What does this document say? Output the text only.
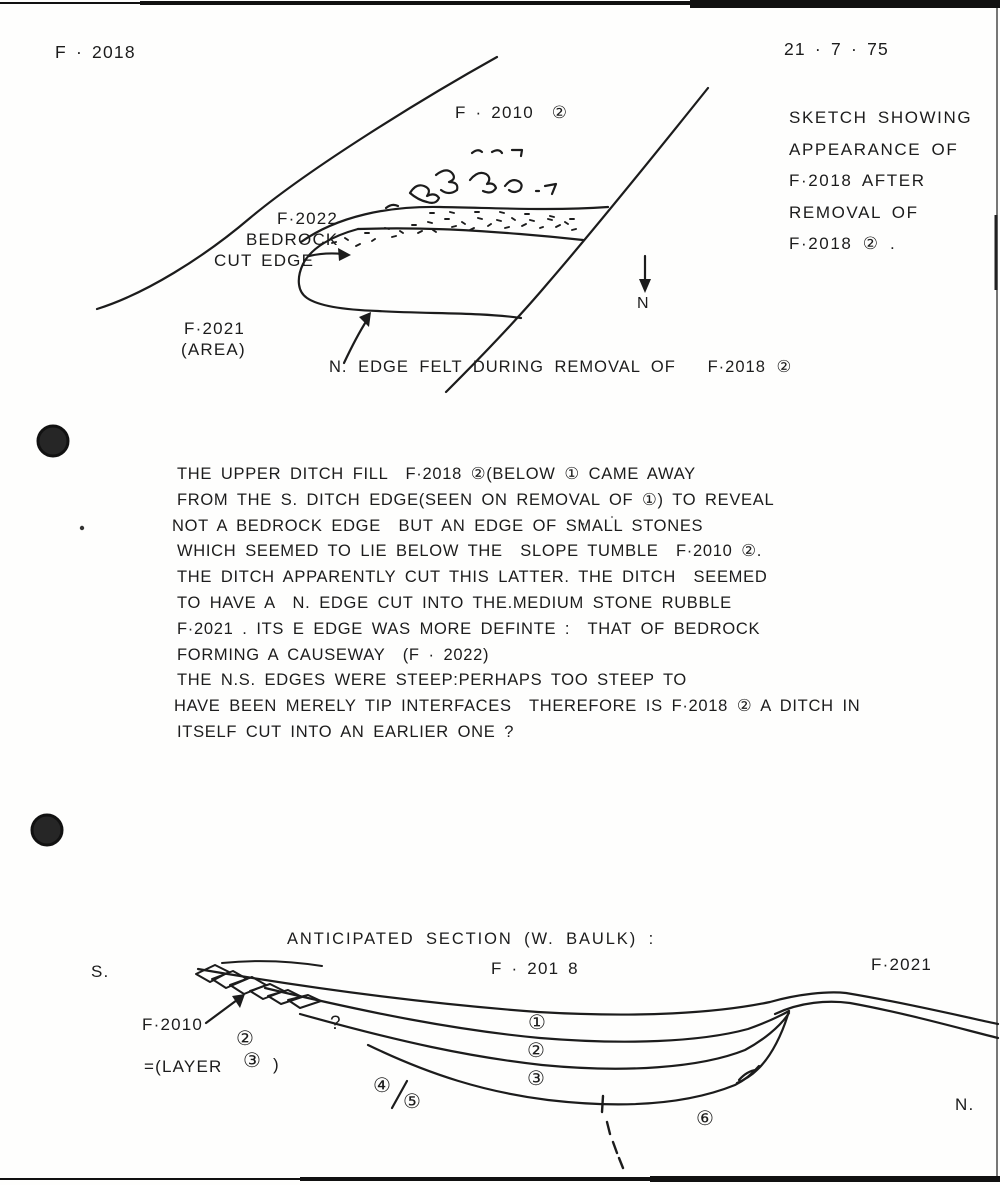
F · 2018	21 · 7 · 75
F · 2010  ②	SKETCH SHOWING
APPEARANCE OF
F·2018 AFTER
REMOVAL OF
F·2018 ② .
F·2022
BEDROCK
CUT EDGE
F·2021
(AREA)
N
N. EDGE FELT DURING REMOVAL OF   F·2018 ②
THE UPPER DITCH FILL  F·2018 ②(BELOW ① CAME AWAY
FROM THE S. DITCH EDGE(SEEN ON REMOVAL OF ①) TO REVEAL
NOT A BEDROCK EDGE  BUT AN EDGE OF SMALL STONES
WHICH SEEMED TO LIE BELOW THE  SLOPE TUMBLE  F·2010 ②.
THE DITCH APPARENTLY CUT THIS LATTER. THE DITCH  SEEMED
TO HAVE A  N. EDGE CUT INTO THE.MEDIUM STONE RUBBLE
F·2021 . ITS E EDGE WAS MORE DEFINTE :  THAT OF BEDROCK
FORMING A CAUSEWAY  (F · 2022)
THE N.S. EDGES WERE STEEP:PERHAPS TOO STEEP TO
HAVE BEEN MERELY TIP INTERFACES  THEREFORE IS F·2018 ② A DITCH IN
ITSELF CUT INTO AN EARLIER ONE ?
ANTICIPATED SECTION (W. BAULK) :
S.	F · 201 8	F·2021
F·2010
②
=(LAYER ③ )
?	①
②
③
④
⑤
⑥
N.
